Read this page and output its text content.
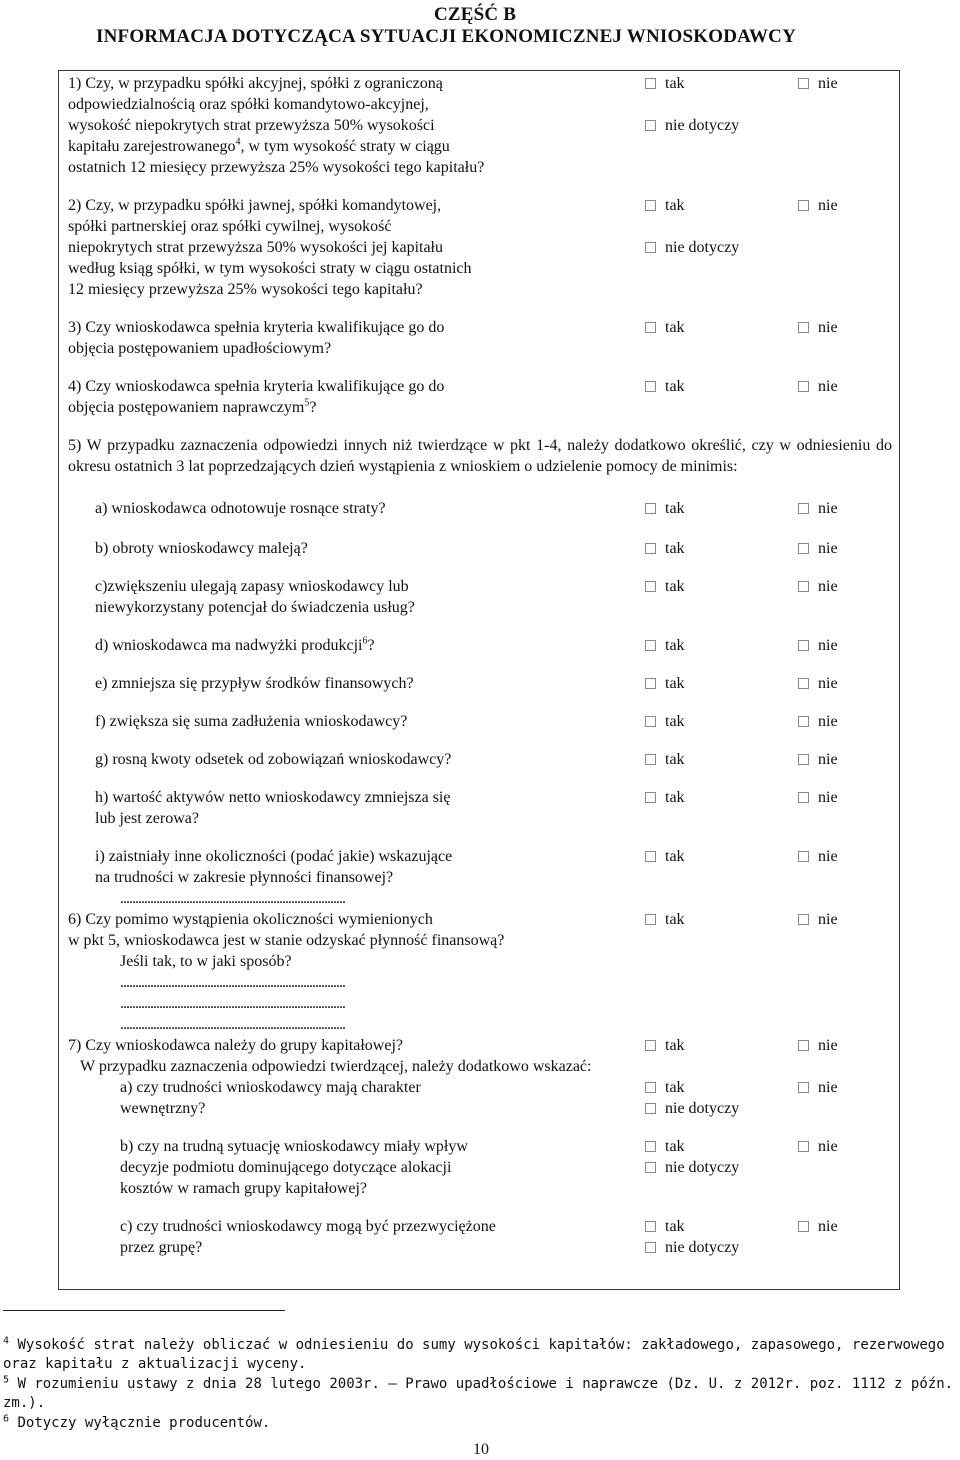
CZĘŚĆ B
INFORMACJA DOTYCZĄCA SYTUACJI EKONOMICZNEJ WNIOSKODAWCY
1) Czy, w przypadku spółki akcyjnej, spółki z ograniczoną
odpowiedzialnością oraz spółki komandytowo-akcyjnej,
wysokość niepokrytych strat przewyższa 50% wysokości
kapitału zarejestrowanego$^4$, w tym wysokość straty w ciągu
ostatnich 12 miesięcy przewyższa 25% wysokości tego kapitału?
tak	nie
nie dotyczy
2) Czy, w przypadku spółki jawnej, spółki komandytowej,
spółki partnerskiej oraz spółki cywilnej, wysokość
niepokrytych strat przewyższa 50% wysokości jej kapitału
według ksiąg spółki, w tym wysokości straty w ciągu ostatnich
12 miesięcy przewyższa 25% wysokości tego kapitału?
tak	nie
nie dotyczy
3) Czy wnioskodawca spełnia kryteria kwalifikujące go do
objęcia postępowaniem upadłościowym?
tak	nie
4) Czy wnioskodawca spełnia kryteria kwalifikujące go do
objęcia postępowaniem naprawczym$^5$?
tak	nie
5) W przypadku zaznaczenia odpowiedzi innych niż twierdzące w pkt 1-4, należy dodatkowo określić, czy w odniesieniu do okresu ostatnich 3 lat poprzedzających dzień wystąpienia z wnioskiem o udzielenie pomocy de minimis:
a) wnioskodawca odnotowuje rosnące straty?	tak	nie
b) obroty wnioskodawcy maleją?	tak	nie
c)zwiększeniu ulegają zapasy wnioskodawcy lub
niewykorzystany potencjał do świadczenia usług?
tak	nie
d) wnioskodawca ma nadwyżki produkcji$^6$?	tak	nie
e) zmniejsza się przypływ środków finansowych?	tak	nie
f) zwiększa się suma zadłużenia wnioskodawcy?	tak	nie
g) rosną kwoty odsetek od zobowiązań wnioskodawcy?	tak	nie
h) wartość aktywów netto wnioskodawcy zmniejsza się
lub jest zerowa?
tak	nie
i) zaistniały inne okoliczności (podać jakie) wskazujące
na trudności w zakresie płynności finansowej?
tak	nie
...........................................................................
6) Czy pomimo wystąpienia okoliczności wymienionych
w pkt 5, wnioskodawca jest w stanie odzyskać płynność finansową?
Jeśli tak, to w jaki sposób?
tak	nie
...........................................................................
...........................................................................
...........................................................................
7) Czy wnioskodawca należy do grupy kapitałowej?	tak	nie
W przypadku zaznaczenia odpowiedzi twierdzącej, należy dodatkowo wskazać:
a) czy trudności wnioskodawcy mają charakter
wewnętrzny?
tak	nie
nie dotyczy
b) czy na trudną sytuację wnioskodawcy miały wpływ
decyzje podmiotu dominującego dotyczące alokacji
kosztów w ramach grupy kapitałowej?
tak	nie
nie dotyczy
c) czy trudności wnioskodawcy mogą być przezwyciężone
przez grupę?
tak	nie
nie dotyczy
$^4$ Wysokość strat należy obliczać w odniesieniu do sumy wysokości kapitałów: zakładowego, zapasowego, rezerwowego
oraz kapitału z aktualizacji wyceny.
$^5$ W rozumieniu ustawy z dnia 28 lutego 2003r. – Prawo upadłościowe i naprawcze (Dz. U. z 2012r. poz. 1112 z późn.
zm.).
$^6$ Dotyczy wyłącznie producentów.
10
